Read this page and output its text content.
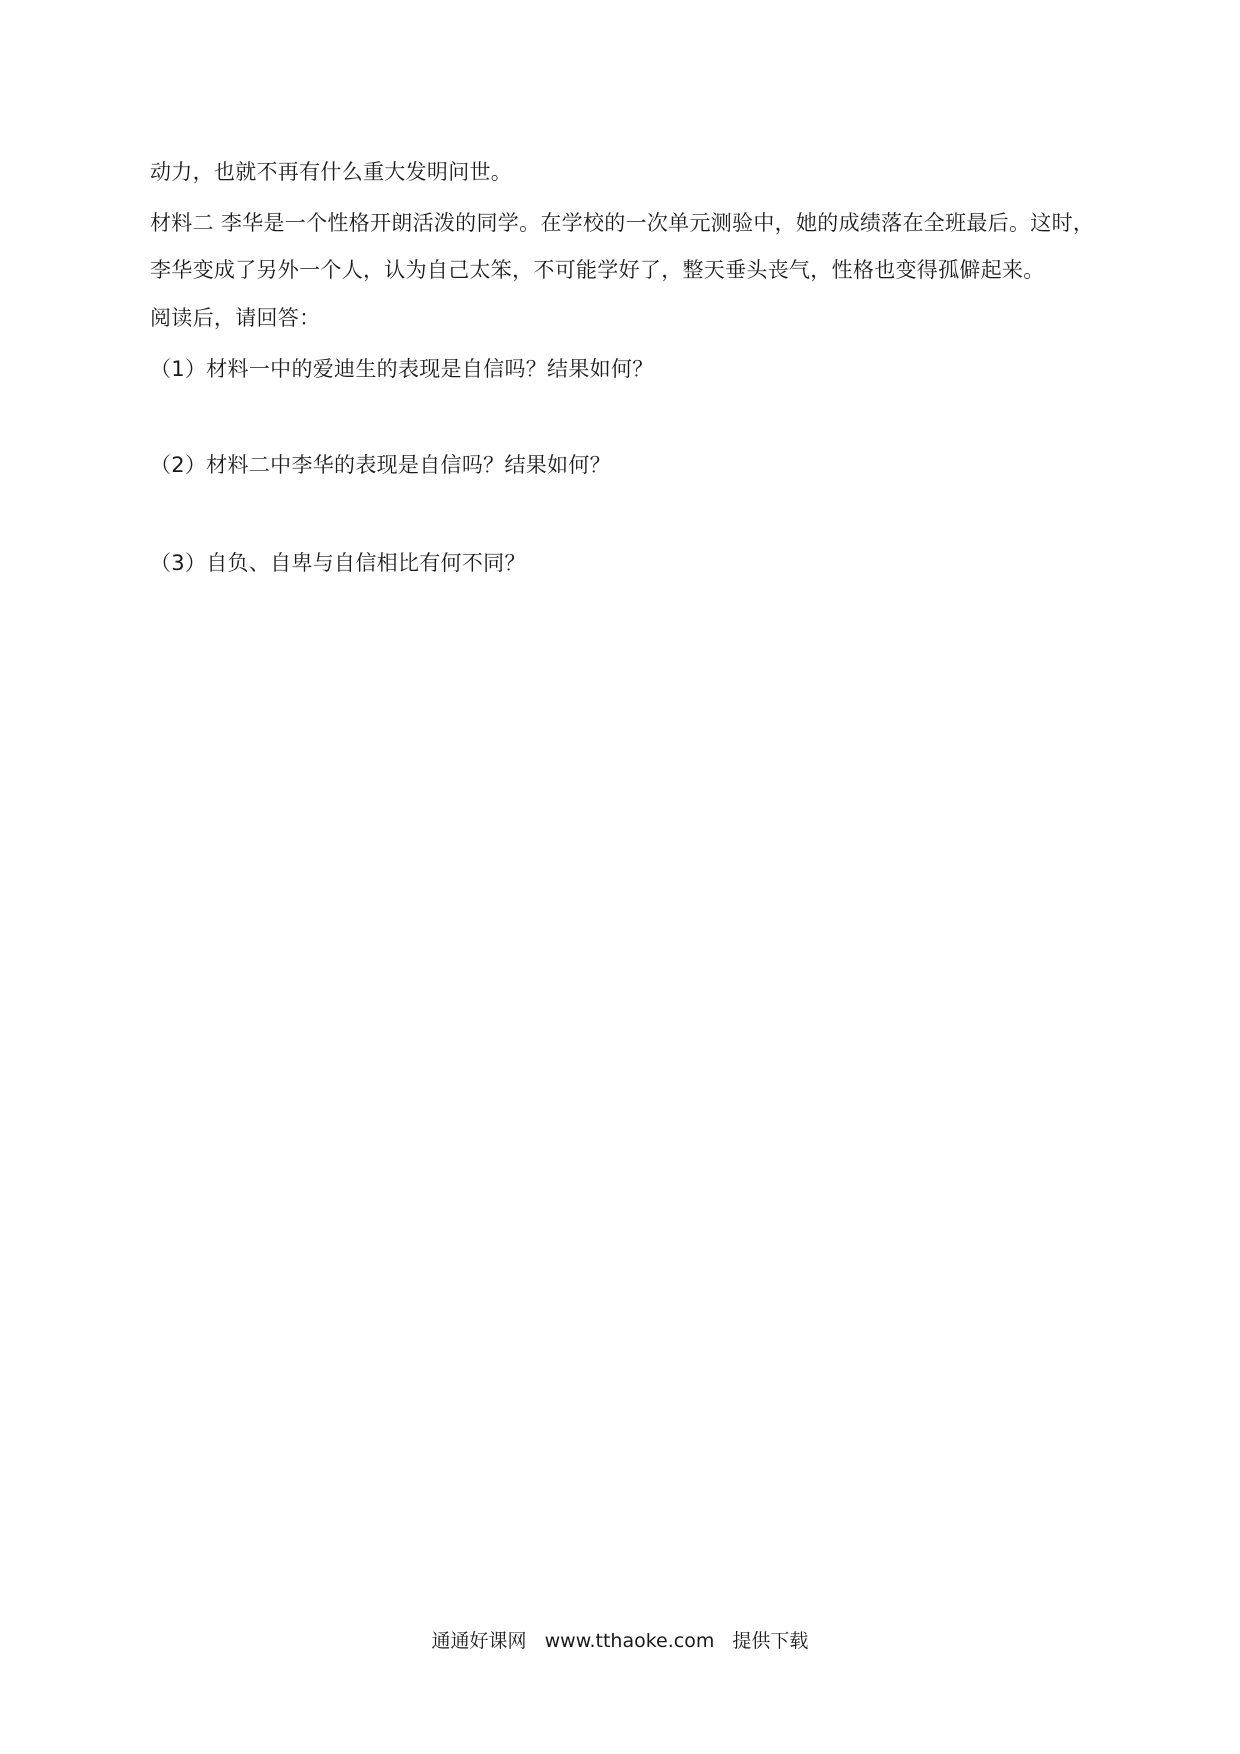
动力，也就不再有什么重大发明问世。
材料二 李华是一个性格开朗活泼的同学。在学校的一次单元测验中，她的成绩落在全班最后。这时，
李华变成了另外一个人，认为自己太笨，不可能学好了，整天垂头丧气，性格也变得孤僻起来。
阅读后，请回答：
（1）材料一中的爱迪生的表现是自信吗？结果如何？
（2）材料二中李华的表现是自信吗？结果如何？
（3）自负、自卑与自信相比有何不同？
通通好课网 www.tthaoke.com 提供下载
